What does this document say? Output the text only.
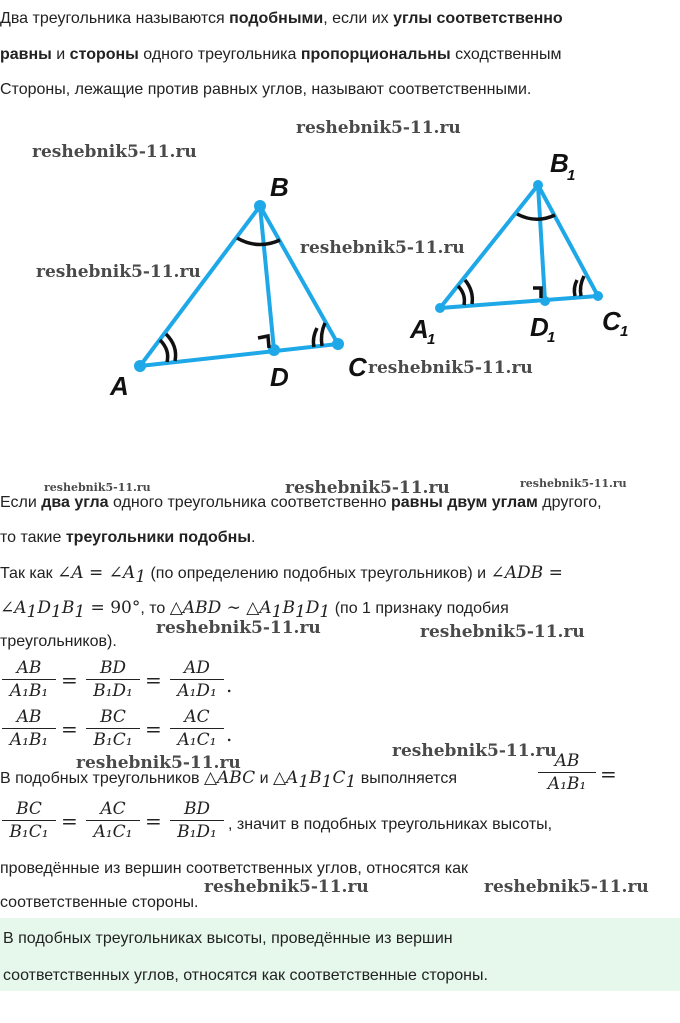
Два треугольника называются подобными, если их углы соответственно
равны и стороны одного треугольника пропорциональны сходственным
Стороны, лежащие против равных углов, называют соответственными.
B
A	D C
B
1
A
1	D
1
C 1
reshebnik5-11.ru
reshebnik5-11.ru
reshebnik5-11.ru
reshebnik5-11.ru
reshebnik5-11.ru
reshebnik5-11.ru	reshebnik5-11.ru	reshebnik5-11.ru
reshebnik5-11.ru	reshebnik5-11.ru
reshebnik5-11.ru
reshebnik5-11.ru
reshebnik5-11.ru	reshebnik5-11.ru
Если два угла одного треугольника соответственно равны двум углам другого,
то такие треугольники подобны.
Так как ∠A = $\angle A_1$ (по определению подобных треугольников) и ∠ADB =
$\angle A_1D_1B_1 = 90^\circ$, то △ABD ∼ $\triangle A_1B_1D_1$ (по 1 признаку подобия
треугольников).
$\frac{AB}{\text{A₁B₁}} = \frac{BD}{\text{B₁D₁}} = \frac{AD}{\text{A₁D₁}}$ .
$\frac{AB}{\text{A₁B₁}} = \frac{BC}{\text{B₁C₁}} = \frac{AC}{\text{A₁C₁}}$ .
В подобных треугольников △ABC и $\triangle A_1B_1C_1$ выполняется	$\frac{AB}{\text{A₁B₁}}$ =
$\frac{BC}{\text{B₁C₁}} = \frac{AC}{\text{A₁C₁}} = \frac{BD}{\text{B₁D₁}}$ , значит в подобных треугольниках высоты,
проведённые из вершин соответственных углов, относятся как
соответственные стороны.
В подобных треугольниках высоты, проведённые из вершин
соответственных углов, относятся как соответственные стороны.
